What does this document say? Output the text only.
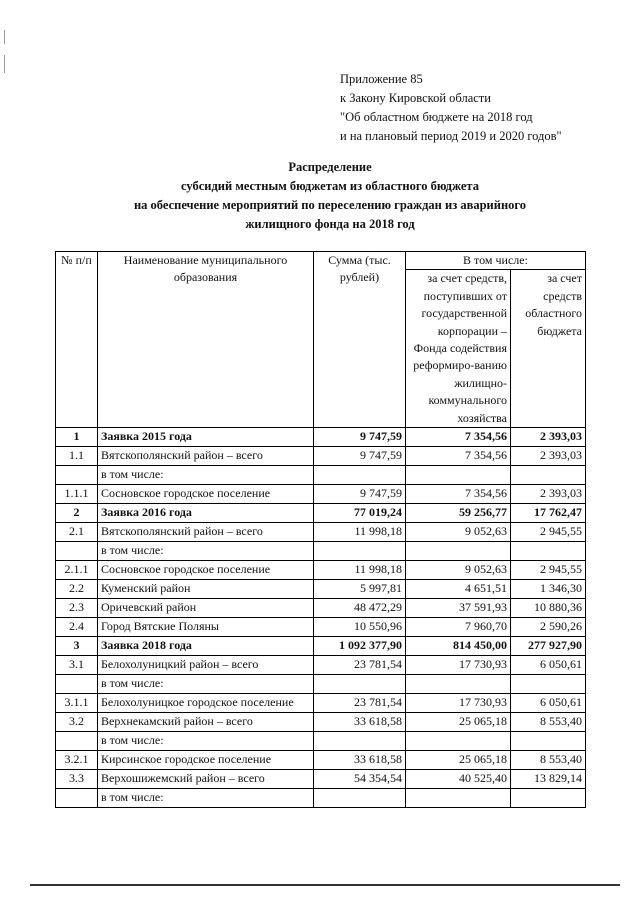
Приложение 85
к Закону Кировской области
"Об областном бюджете на 2018 год
и на плановый период 2019 и 2020 годов"
Распределение
субсидий местным бюджетам из областного бюджета
на обеспечение мероприятий по переселению граждан из аварийного
жилищного фонда на 2018 год
№ п/п	Наименование муниципального образования	Сумма (тыс. рублей)	В том числе:	
			за счет средств, поступивших от государственной корпорации – Фонда содействия реформиро-ванию жилищно-коммунального хозяйства	за счет средств областного бюджета
1	Заявка 2015 года	9 747,59	7 354,56	2 393,03
1.1	Вятскополянский район – всего	9 747,59	7 354,56	2 393,03
	в том числе:			
1.1.1	Сосновское городское поселение	9 747,59	7 354,56	2 393,03
2	Заявка 2016 года	77 019,24	59 256,77	17 762,47
2.1	Вятскополянский район – всего	11 998,18	9 052,63	2 945,55
	в том числе:			
2.1.1	Сосновское городское поселение	11 998,18	9 052,63	2 945,55
2.2	Куменский район	5 997,81	4 651,51	1 346,30
2.3	Оричевский район	48 472,29	37 591,93	10 880,36
2.4	Город Вятские Поляны	10 550,96	7 960,70	2 590,26
3	Заявка 2018 года	1 092 377,90	814 450,00	277 927,90
3.1	Белохолуницкий район – всего	23 781,54	17 730,93	6 050,61
	в том числе:			
3.1.1	Белохолуницкое городское поселение	23 781,54	17 730,93	6 050,61
3.2	Верхнекамский район – всего	33 618,58	25 065,18	8 553,40
	в том числе:			
3.2.1	Кирсинское городское поселение	33 618,58	25 065,18	8 553,40
3.3	Верхошижемский район – всего	54 354,54	40 525,40	13 829,14
	в том числе:			
